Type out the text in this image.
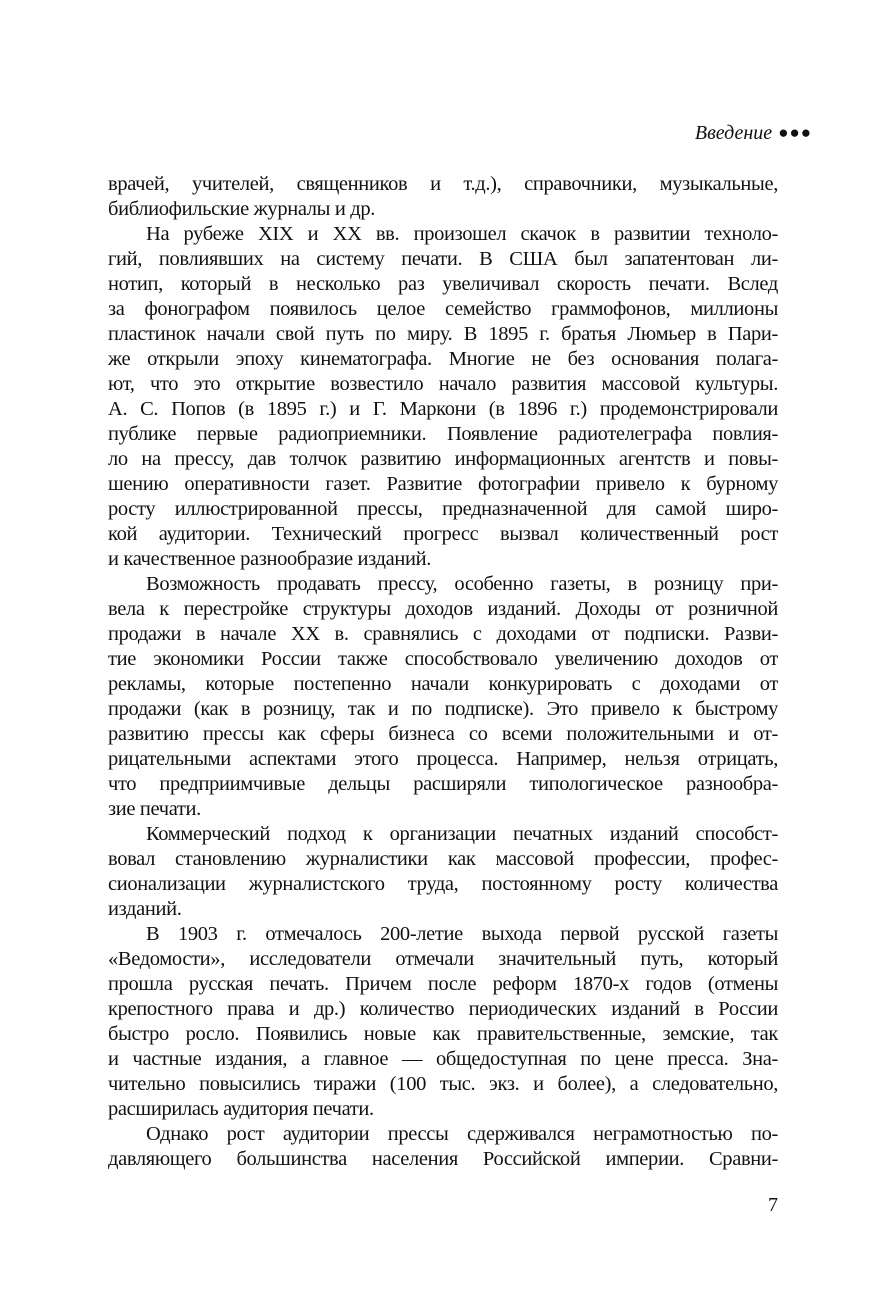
Введение ●●●
врачей, учителей, священников и т.д.), справочники, музыкальные,
библиофильские журналы и др.
На рубеже XIX и XX вв. произошел скачок в развитии техноло-
гий, повлиявших на систему печати. В США был запатентован ли-
нотип, который в несколько раз увеличивал скорость печати. Вслед
за фонографом появилось целое семейство граммофонов, миллионы
пластинок начали свой путь по миру. В 1895 г. братья Люмьер в Пари-
же открыли эпоху кинематографа. Многие не без основания полага-
ют, что это открытие возвестило начало развития массовой культуры.
А. С. Попов (в 1895 г.) и Г. Маркони (в 1896 г.) продемонстрировали
публике первые радиоприемники. Появление радиотелеграфа повлия-
ло на прессу, дав толчок развитию информационных агентств и повы-
шению оперативности газет. Развитие фотографии привело к бурному
росту иллюстрированной прессы, предназначенной для самой широ-
кой аудитории. Технический прогресс вызвал количественный рост
и качественное разнообразие изданий.
Возможность продавать прессу, особенно газеты, в розницу при-
вела к перестройке структуры доходов изданий. Доходы от розничной
продажи в начале XX в. сравнялись с доходами от подписки. Разви-
тие экономики России также способствовало увеличению доходов от
рекламы, которые постепенно начали конкурировать с доходами от
продажи (как в розницу, так и по подписке). Это привело к быстрому
развитию прессы как сферы бизнеса со всеми положительными и от-
рицательными аспектами этого процесса. Например, нельзя отрицать,
что предприимчивые дельцы расширяли типологическое разнообра-
зие печати.
Коммерческий подход к организации печатных изданий способст-
вовал становлению журналистики как массовой профессии, профес-
сионализации журналистского труда, постоянному росту количества
изданий.
В 1903 г. отмечалось 200-летие выхода первой русской газеты
«Ведомости», исследователи отмечали значительный путь, который
прошла русская печать. Причем после реформ 1870-х годов (отмены
крепостного права и др.) количество периодических изданий в России
быстро росло. Появились новые как правительственные, земские, так
и частные издания, а главное — общедоступная по цене пресса. Зна-
чительно повысились тиражи (100 тыс. экз. и более), а следовательно,
расширилась аудитория печати.
Однако рост аудитории прессы сдерживался неграмотностью по-
давляющего большинства населения Российской империи. Сравни-
7
